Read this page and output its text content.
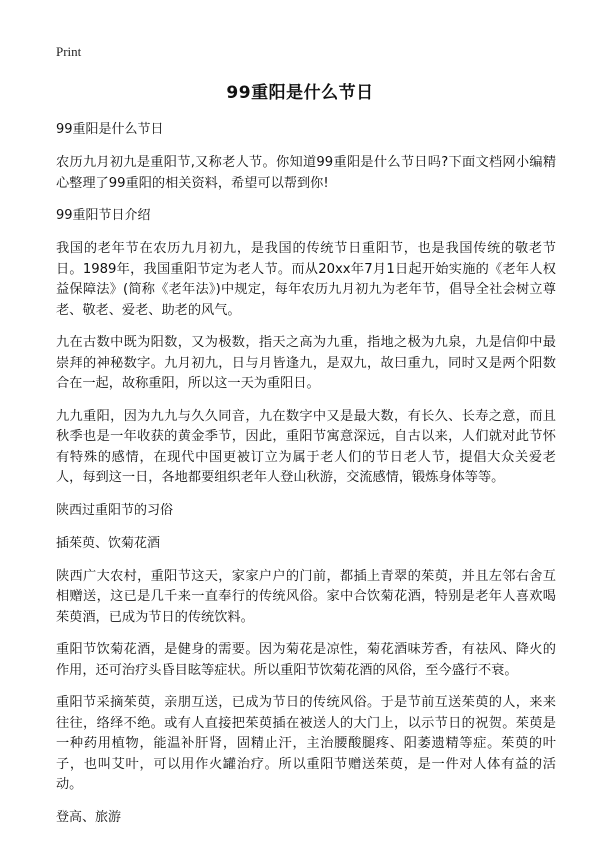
Print
99重阳是什么节日
99重阳是什么节日
农历九月初九是重阳节,又称老人节。你知道99重阳是什么节日吗?下面文档网小编精心整理了99重阳的相关资料，希望可以帮到你!
99重阳节日介绍
我国的老年节在农历九月初九，是我国的传统节日重阳节，也是我国传统的敬老节日。1989年，我国重阳节定为老人节。而从20xx年7月1日起开始实施的《老年人权益保障法》(简称《老年法》)中规定，每年农历九月初九为老年节，倡导全社会树立尊老、敬老、爱老、助老的风气。
九在古数中既为阳数，又为极数，指天之高为九重，指地之极为九泉，九是信仰中最崇拜的神秘数字。九月初九，日与月皆逢九，是双九，故曰重九，同时又是两个阳数合在一起，故称重阳，所以这一天为重阳日。
九九重阳，因为九九与久久同音，九在数字中又是最大数，有长久、长寿之意，而且秋季也是一年收获的黄金季节，因此，重阳节寓意深远，自古以来，人们就对此节怀有特殊的感情，在现代中国更被订立为属于老人们的节日老人节，提倡大众关爱老人，每到这一日，各地都要组织老年人登山秋游，交流感情，锻炼身体等等。
陕西过重阳节的习俗
插茱萸、饮菊花酒
陕西广大农村，重阳节这天，家家户户的门前，都插上青翠的茱萸，并且左邻右舍互相赠送，这已是几千来一直奉行的传统风俗。家中合饮菊花酒，特别是老年人喜欢喝茱萸酒，已成为节日的传统饮料。
重阳节饮菊花酒，是健身的需要。因为菊花是凉性，菊花酒味芳香，有祛风、降火的作用，还可治疗头昏目眩等症状。所以重阳节饮菊花酒的风俗，至今盛行不衰。
重阳节采摘茱萸，亲朋互送，已成为节日的传统风俗。于是节前互送茱萸的人，来来往往，络绎不绝。或有人直接把茱萸插在被送人的大门上，以示节日的祝贺。茱萸是一种药用植物，能温补肝肾，固精止汗，主治腰酸腿疼、阳萎遗精等症。茱萸的叶子，也叫艾叶，可以用作火罐治疗。所以重阳节赠送茱萸，是一件对人体有益的活动。
登高、旅游
